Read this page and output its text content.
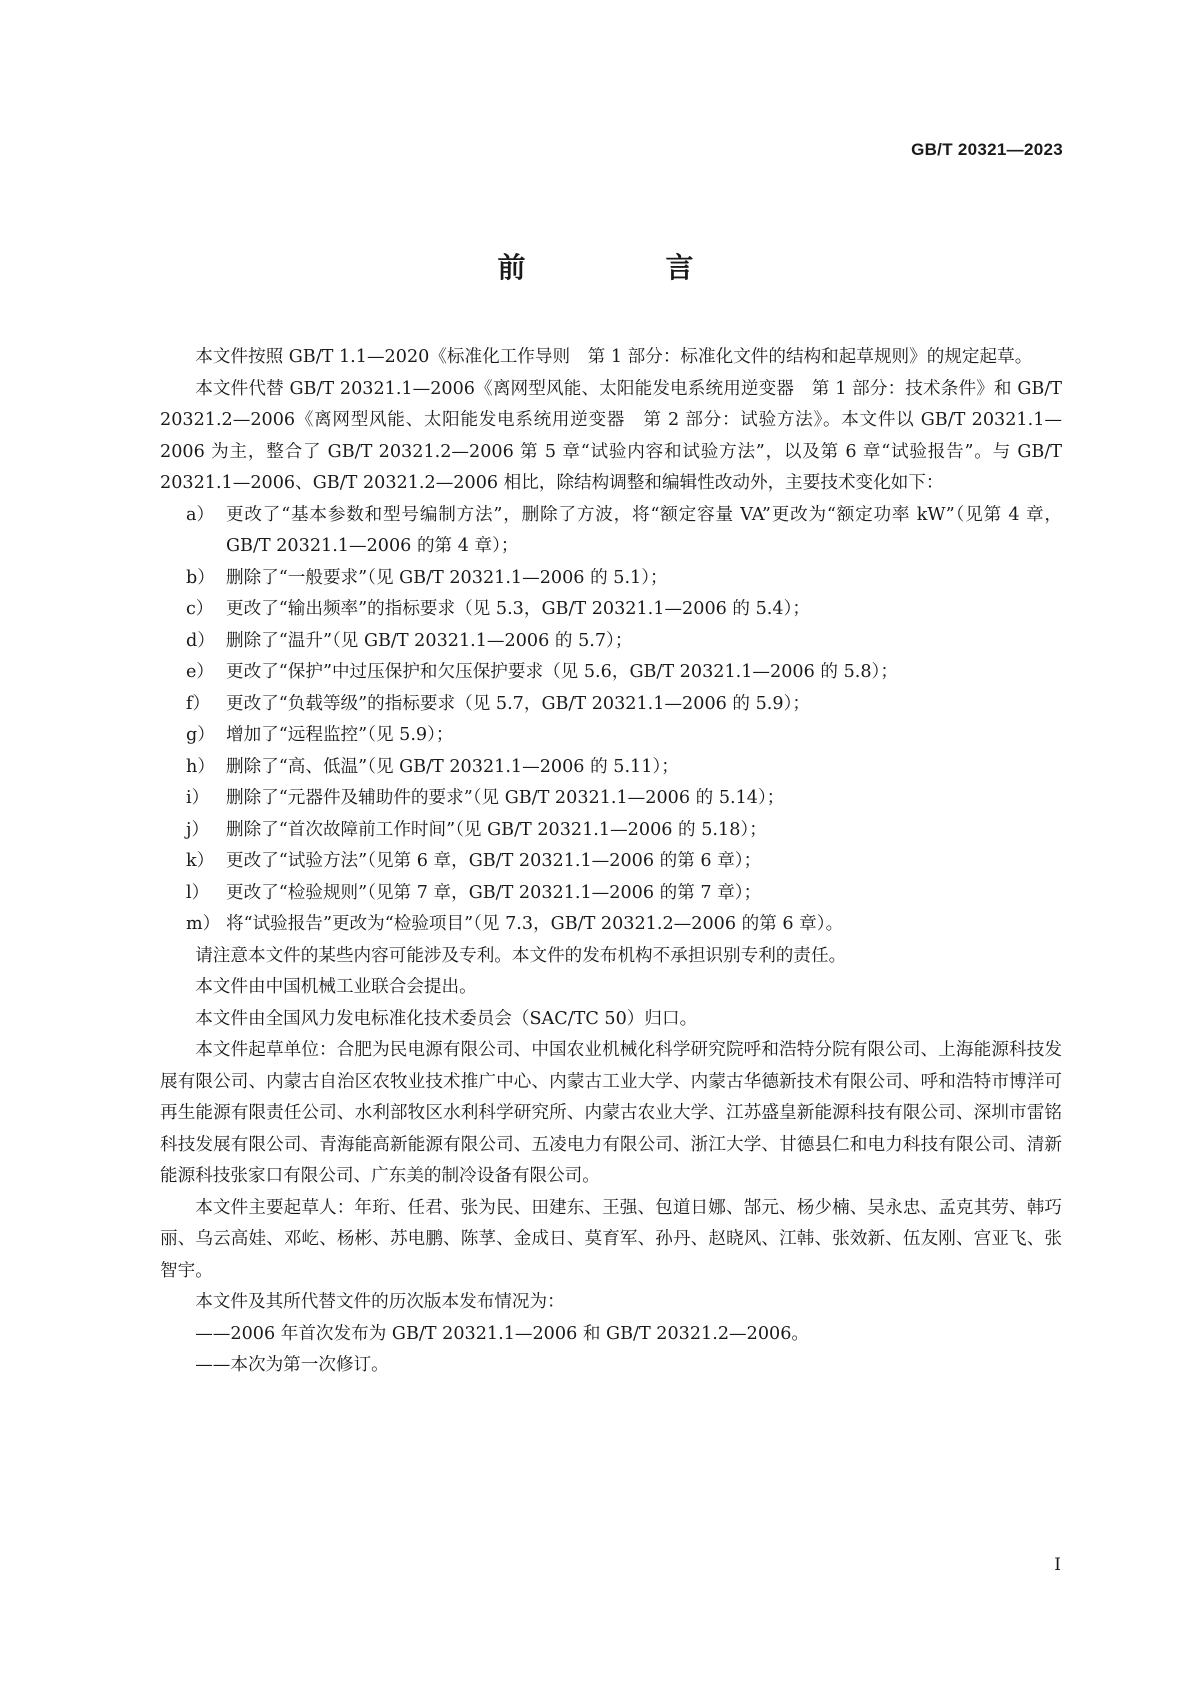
GB/T 20321—2023
前　言

本文件按照 GB/T 1.1—2020《标准化工作导则　第 1 部分：标准化文件的结构和起草规则》的规定起草。

本文件代替 GB/T 20321.1—2006《离网型风能、太阳能发电系统用逆变器　第 1 部分：技术条件》和 GB/T 20321.2—2006《离网型风能、太阳能发电系统用逆变器　第 2 部分：试验方法》。本文件以 GB/T 20321.1—2006 为主，整合了 GB/T 20321.2—2006 第 5 章“试验内容和试验方法”，以及第 6 章“试验报告”。与 GB/T 20321.1—2006、GB/T 20321.2—2006 相比，除结构调整和编辑性改动外，主要技术变化如下：

a） 更改了“基本参数和型号编制方法”，删除了方波，将“额定容量 VA”更改为“额定功率 kW”（见第 4 章，GB/T 20321.1—2006 的第 4 章）；
b） 删除了“一般要求”（见 GB/T 20321.1—2006 的 5.1）；
c） 更改了“输出频率”的指标要求（见 5.3，GB/T 20321.1—2006 的 5.4）；
d） 删除了“温升”（见 GB/T 20321.1—2006 的 5.7）；
e） 更改了“保护”中过压保护和欠压保护要求（见 5.6，GB/T 20321.1—2006 的 5.8）；
f） 更改了“负载等级”的指标要求（见 5.7，GB/T 20321.1—2006 的 5.9）；
g） 增加了“远程监控”（见 5.9）；
h） 删除了“高、低温”（见 GB/T 20321.1—2006 的 5.11）；
i） 删除了“元器件及辅助件的要求”（见 GB/T 20321.1—2006 的 5.14）；
j） 删除了“首次故障前工作时间”（见 GB/T 20321.1—2006 的 5.18）；
k） 更改了“试验方法”（见第 6 章，GB/T 20321.1—2006 的第 6 章）；
l） 更改了“检验规则”（见第 7 章，GB/T 20321.1—2006 的第 7 章）；
m） 将“试验报告”更改为“检验项目”（见 7.3，GB/T 20321.2—2006 的第 6 章）。

请注意本文件的某些内容可能涉及专利。本文件的发布机构不承担识别专利的责任。

本文件由中国机械工业联合会提出。

本文件由全国风力发电标准化技术委员会（SAC/TC 50）归口。

本文件起草单位：合肥为民电源有限公司、中国农业机械化科学研究院呼和浩特分院有限公司、上海能源科技发展有限公司、内蒙古自治区农牧业技术推广中心、内蒙古工业大学、内蒙古华德新技术有限公司、呼和浩特市博洋可再生能源有限责任公司、水利部牧区水利科学研究所、内蒙古农业大学、江苏盛皇新能源科技有限公司、深圳市雷铭科技发展有限公司、青海能高新能源有限公司、五凌电力有限公司、浙江大学、甘德县仁和电力科技有限公司、清新能源科技张家口有限公司、广东美的制冷设备有限公司。

本文件主要起草人：年珩、任君、张为民、田建东、王强、包道日娜、郜元、杨少楠、吴永忠、孟克其劳、韩巧丽、乌云高娃、邓屹、杨彬、苏电鹏、陈莩、金成日、莫育军、孙丹、赵晓风、江韩、张效新、伍友刚、宫亚飞、张智宇。

本文件及其所代替文件的历次版本发布情况为：

——2006 年首次发布为 GB/T 20321.1—2006 和 GB/T 20321.2—2006。

——本次为第一次修订。

Ⅰ
